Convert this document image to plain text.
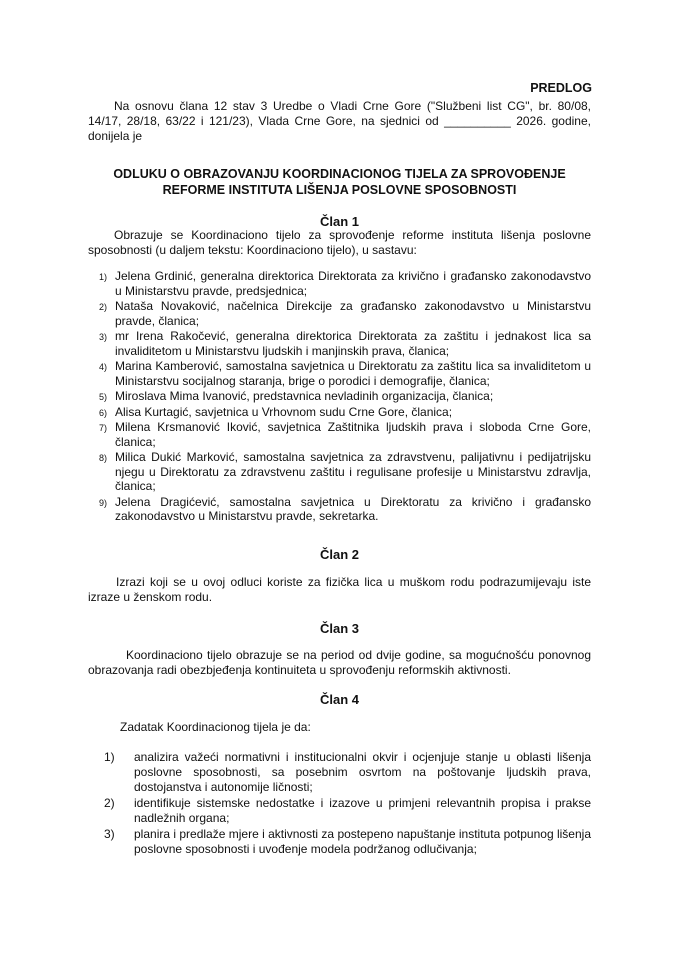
PREDLOG

Na osnovu člana 12 stav 3 Uredbe o Vladi Crne Gore ("Službeni list CG", br. 80/08, 14/17, 28/18, 63/22 i 121/23), Vlada Crne Gore, na sjednici od __________ 2026. godine, donijela je

ODLUKU O OBRAZOVANJU KOORDINACIONOG TIJELA ZA SPROVOĐENJE
REFORME INSTITUTA LIŠENJA POSLOVNE SPOSOBNOSTI
Član 1

Obrazuje se Koordinaciono tijelo za sprovođenje reforme instituta lišenja poslovne sposobnosti (u daljem tekstu: Koordinaciono tijelo), u sastavu:

1) Jelena Grdinić, generalna direktorica Direktorata za krivično i građansko zakonodavstvo u Ministarstvu pravde, predsjednica;
2) Nataša Novaković, načelnica Direkcije za građansko zakonodavstvo u Ministarstvu pravde, članica;
3) mr Irena Rakočević, generalna direktorica Direktorata za zaštitu i jednakost lica sa invaliditetom u Ministarstvu ljudskih i manjinskih prava, članica;
4) Marina Kamberović, samostalna savjetnica u Direktoratu za zaštitu lica sa invaliditetom u Ministarstvu socijalnog staranja, brige o porodici i demografije, članica;
5) Miroslava Mima Ivanović, predstavnica nevladinih organizacija, članica;
6) Alisa Kurtagić, savjetnica u Vrhovnom sudu Crne Gore, članica;
7) Milena Krsmanović Iković, savjetnica Zaštitnika ljudskih prava i sloboda Crne Gore, članica;
8) Milica Dukić Marković, samostalna savjetnica za zdravstvenu, palijativnu i pedijatrijsku njegu u Direktoratu za zdravstvenu zaštitu i regulisane profesije u Ministarstvu zdravlja, članica;
9) Jelena Dragićević, samostalna savjetnica u Direktoratu za krivično i građansko zakonodavstvo u Ministarstvu pravde, sekretarka.
Član 2

Izrazi koji se u ovoj odluci koriste za fizička lica u muškom rodu podrazumijevaju iste izraze u ženskom rodu.

Član 3

Koordinaciono tijelo obrazuje se na period od dvije godine, sa mogućnošću ponovnog obrazovanja radi obezbjeđenja kontinuiteta u sprovođenju reformskih aktivnosti.

Član 4

Zadatak Koordinacionog tijela je da:

1) analizira važeći normativni i institucionalni okvir i ocjenjuje stanje u oblasti lišenja poslovne sposobnosti, sa posebnim osvrtom na poštovanje ljudskih prava, dostojanstva i autonomije ličnosti;
2) identifikuje sistemske nedostatke i izazove u primjeni relevantnih propisa i prakse nadležnih organa;
3) planira i predlaže mjere i aktivnosti za postepeno napuštanje instituta potpunog lišenja poslovne sposobnosti i uvođenje modela podržanog odlučivanja;
